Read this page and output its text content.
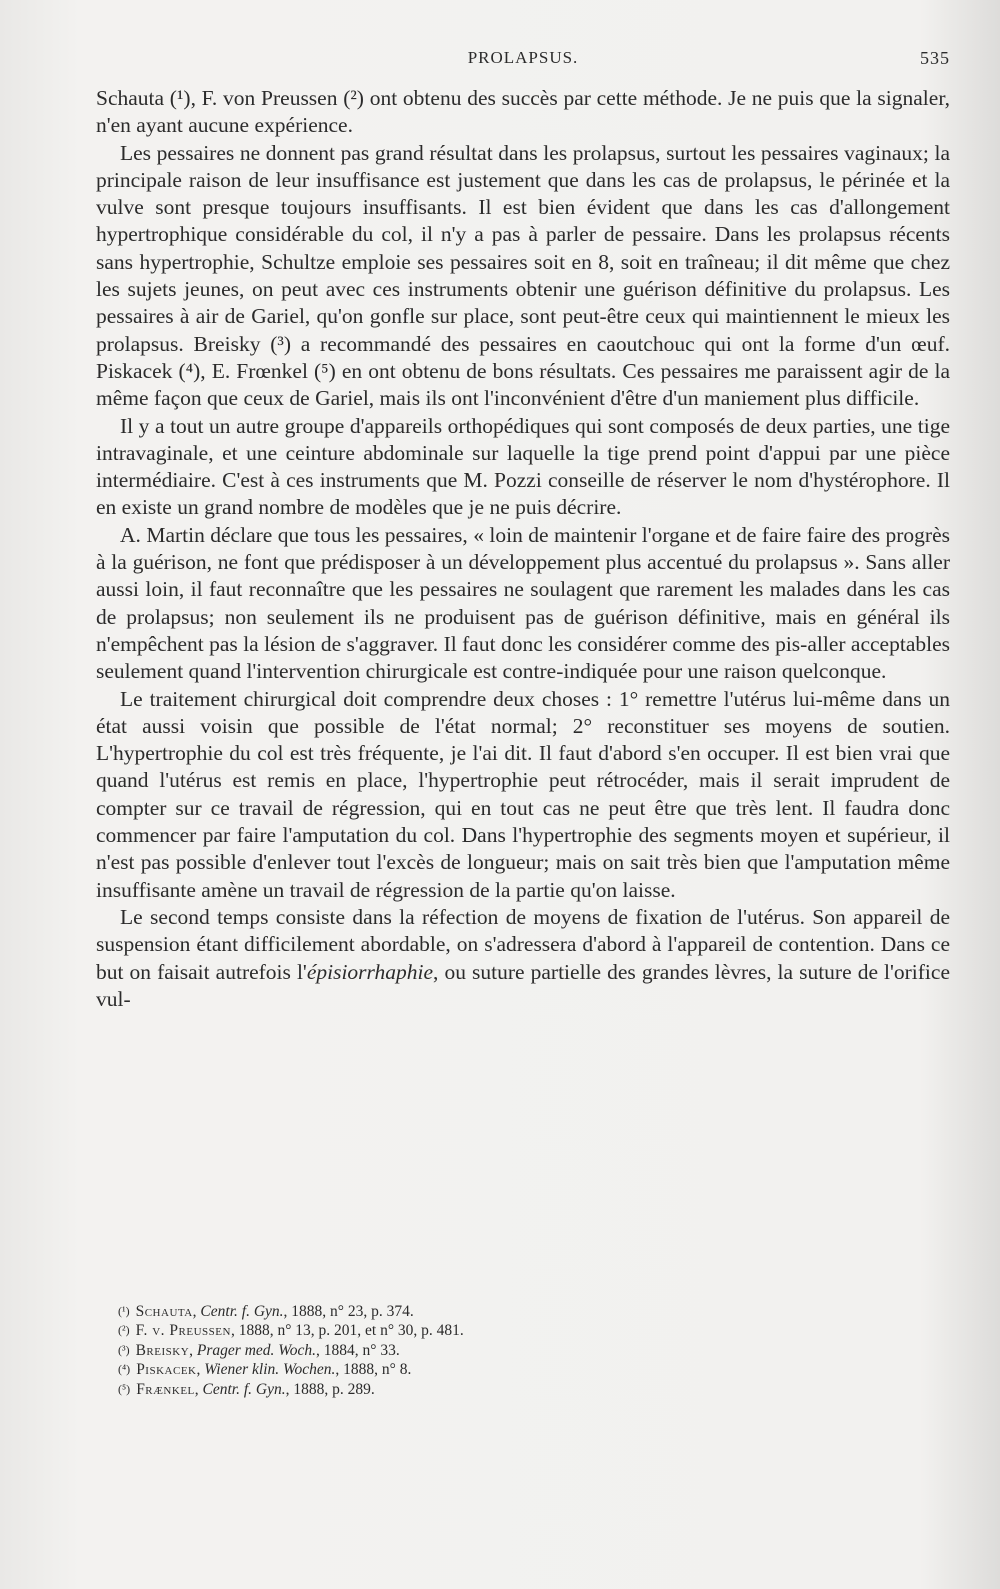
PROLAPSUS.	535

Schauta (¹), F. von Preussen (²) ont obtenu des succès par cette méthode. Je ne puis que la signaler, n'en ayant aucune expérience.

Les pessaires ne donnent pas grand résultat dans les prolapsus, surtout les pessaires vaginaux; la principale raison de leur insuffisance est justement que dans les cas de prolapsus, le périnée et la vulve sont presque toujours insuffisants. Il est bien évident que dans les cas d'allongement hypertrophique considérable du col, il n'y a pas à parler de pessaire. Dans les prolapsus récents sans hypertrophie, Schultze emploie ses pessaires soit en 8, soit en traîneau; il dit même que chez les sujets jeunes, on peut avec ces instruments obtenir une guérison définitive du prolapsus. Les pessaires à air de Gariel, qu'on gonfle sur place, sont peut-être ceux qui maintiennent le mieux les prolapsus. Breisky (³) a recommandé des pessaires en caoutchouc qui ont la forme d'un œuf. Piskacek (⁴), E. Frœnkel (⁵) en ont obtenu de bons résultats. Ces pessaires me paraissent agir de la même façon que ceux de Gariel, mais ils ont l'inconvénient d'être d'un maniement plus difficile.

Il y a tout un autre groupe d'appareils orthopédiques qui sont composés de deux parties, une tige intravaginale, et une ceinture abdominale sur laquelle la tige prend point d'appui par une pièce intermédiaire. C'est à ces instruments que M. Pozzi conseille de réserver le nom d'hystérophore. Il en existe un grand nombre de modèles que je ne puis décrire.

A. Martin déclare que tous les pessaires, « loin de maintenir l'organe et de faire faire des progrès à la guérison, ne font que prédisposer à un développement plus accentué du prolapsus ». Sans aller aussi loin, il faut reconnaître que les pessaires ne soulagent que rarement les malades dans les cas de prolapsus; non seulement ils ne produisent pas de guérison définitive, mais en général ils n'empêchent pas la lésion de s'aggraver. Il faut donc les considérer comme des pis-aller acceptables seulement quand l'intervention chirurgicale est contre-indiquée pour une raison quelconque.

Le traitement chirurgical doit comprendre deux choses : 1° remettre l'utérus lui-même dans un état aussi voisin que possible de l'état normal; 2° reconstituer ses moyens de soutien. L'hypertrophie du col est très fréquente, je l'ai dit. Il faut d'abord s'en occuper. Il est bien vrai que quand l'utérus est remis en place, l'hypertrophie peut rétrocéder, mais il serait imprudent de compter sur ce travail de régression, qui en tout cas ne peut être que très lent. Il faudra donc commencer par faire l'amputation du col. Dans l'hypertrophie des segments moyen et supérieur, il n'est pas possible d'enlever tout l'excès de longueur; mais on sait très bien que l'amputation même insuffisante amène un travail de régression de la partie qu'on laisse.

Le second temps consiste dans la réfection de moyens de fixation de l'utérus. Son appareil de suspension étant difficilement abordable, on s'adressera d'abord à l'appareil de contention. Dans ce but on faisait autrefois l'épisiorrhaphie, ou suture partielle des grandes lèvres, la suture de l'orifice vul-

(¹) Schauta, Centr. f. Gyn., 1888, n° 23, p. 374.
(²) F. v. Preussen, 1888, n° 13, p. 201, et n° 30, p. 481.
(³) Breisky, Prager med. Woch., 1884, n° 33.
(⁴) Piskacek, Wiener klin. Wochen., 1888, n° 8.
(⁵) Frænkel, Centr. f. Gyn., 1888, p. 289.
